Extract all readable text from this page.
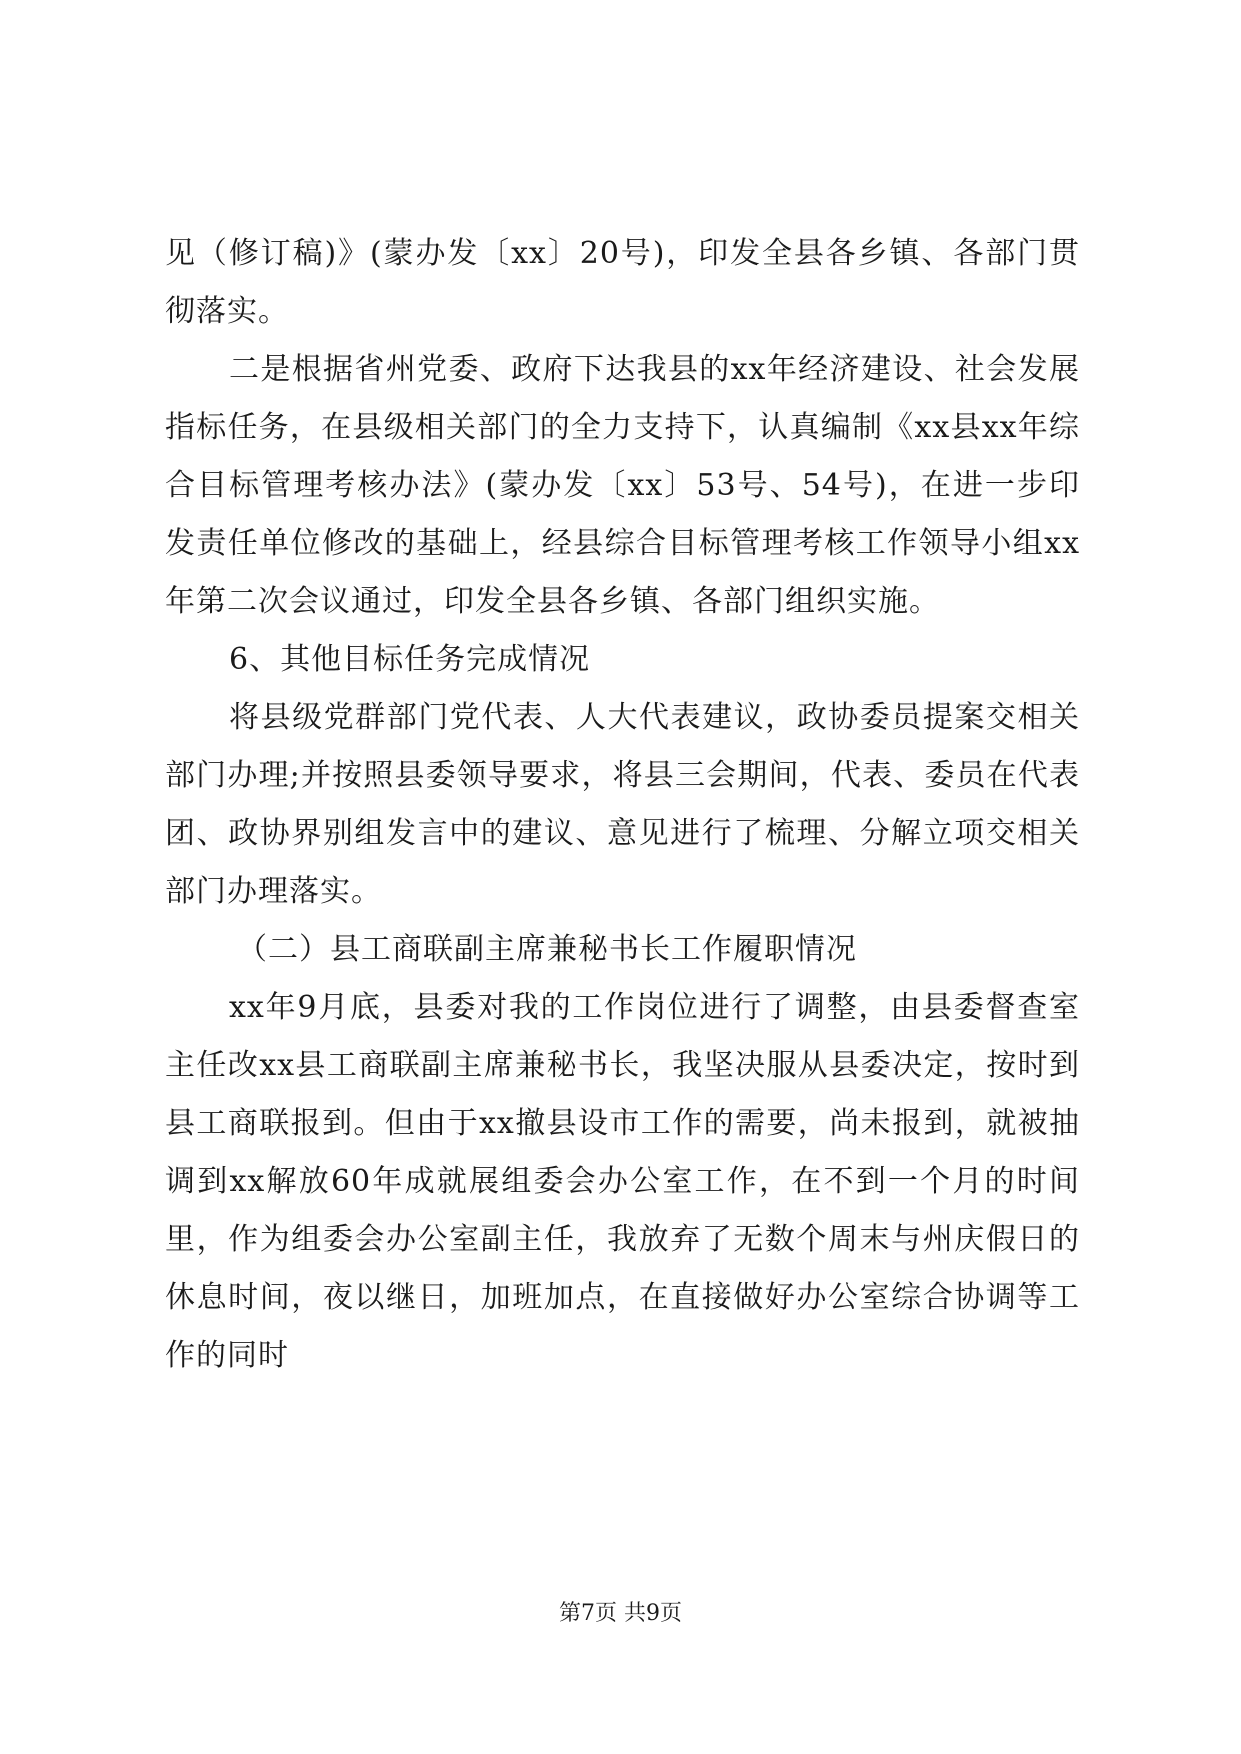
见（修订稿)》(蒙办发〔xx〕20号)，印发全县各乡镇、各部门贯彻落实。

二是根据省州党委、政府下达我县的xx年经济建设、社会发展指标任务，在县级相关部门的全力支持下，认真编制《xx县xx年综合目标管理考核办法》(蒙办发〔xx〕53号、54号)，在进一步印发责任单位修改的基础上，经县综合目标管理考核工作领导小组xx年第二次会议通过，印发全县各乡镇、各部门组织实施。

6、其他目标任务完成情况

将县级党群部门党代表、人大代表建议，政协委员提案交相关部门办理;并按照县委领导要求，将县三会期间，代表、委员在代表团、政协界别组发言中的建议、意见进行了梳理、分解立项交相关部门办理落实。

（二）县工商联副主席兼秘书长工作履职情况

xx年9月底，县委对我的工作岗位进行了调整，由县委督查室主任改xx县工商联副主席兼秘书长，我坚决服从县委决定，按时到县工商联报到。但由于xx撤县设市工作的需要，尚未报到，就被抽调到xx解放60年成就展组委会办公室工作，在不到一个月的时间里，作为组委会办公室副主任，我放弃了无数个周末与州庆假日的休息时间，夜以继日，加班加点，在直接做好办公室综合协调等工作的同时

第7页 共9页
